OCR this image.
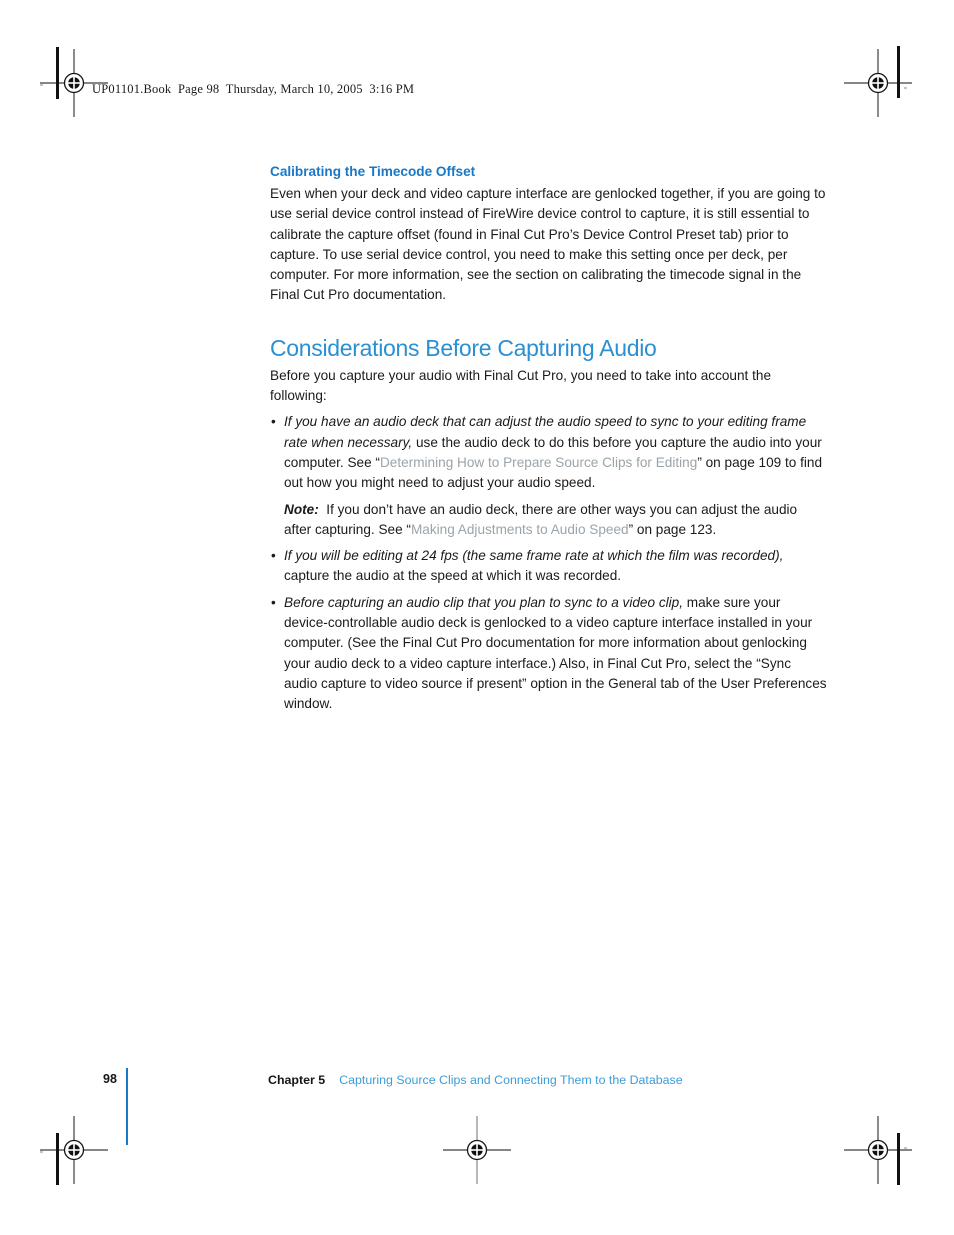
UP01101.Book  Page 98  Thursday, March 10, 2005  3:16 PM
Calibrating the Timecode Offset

Even when your deck and video capture interface are genlocked together, if you are going to use serial device control instead of FireWire device control to capture, it is still essential to calibrate the capture offset (found in Final Cut Pro’s Device Control Preset tab) prior to capture. To use serial device control, you need to make this setting once per deck, per computer. For more information, see the section on calibrating the timecode signal in the Final Cut Pro documentation.

Considerations Before Capturing Audio

Before you capture your audio with Final Cut Pro, you need to take into account the following:

• If you have an audio deck that can adjust the audio speed to sync to your editing frame rate when necessary, use the audio deck to do this before you capture the audio into your computer. See “Determining How to Prepare Source Clips for Editing” on page 109 to find out how you might need to adjust your audio speed.
Note:  If you don’t have an audio deck, there are other ways you can adjust the audio after capturing. See “Making Adjustments to Audio Speed” on page 123.
• If you will be editing at 24 fps (the same frame rate at which the film was recorded), capture the audio at the speed at which it was recorded.
• Before capturing an audio clip that you plan to sync to a video clip, make sure your device-controllable audio deck is genlocked to a video capture interface installed in your computer. (See the Final Cut Pro documentation for more information about genlocking your audio deck to a video capture interface.) Also, in Final Cut Pro, select the “Sync audio capture to video source if present” option in the General tab of the User Preferences window.
98	Chapter 5 Capturing Source Clips and Connecting Them to the Database
